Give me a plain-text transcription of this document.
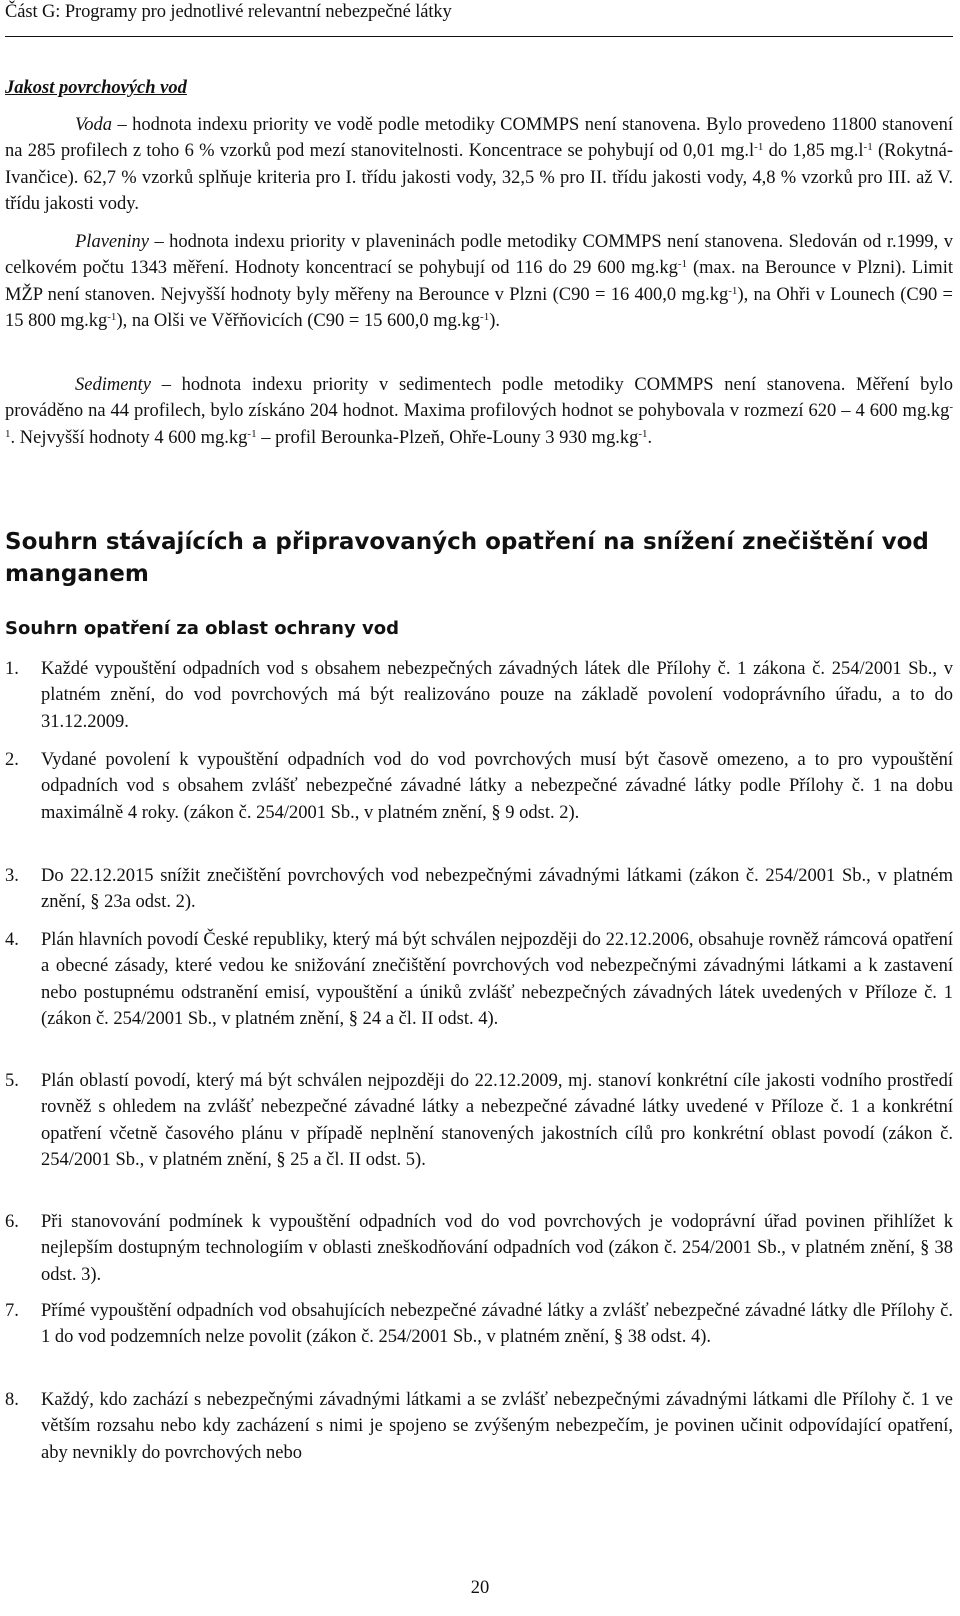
Část G: Programy pro jednotlivé relevantní nebezpečné látky
Jakost povrchových vod

Voda – hodnota indexu priority ve vodě podle metodiky COMMPS není stanovena. Bylo provedeno 11800 stanovení na 285 profilech z toho 6 % vzorků pod mezí stanovitelnosti. Koncentrace se pohybují od 0,01 $mg.l^{-1}$ do 1,85 $mg.l^{-1}$ (Rokytná-Ivančice). 62,7 % vzorků splňuje kriteria pro I. třídu jakosti vody, 32,5 % pro II. třídu jakosti vody, 4,8 % vzorků pro III. až V. třídu jakosti vody.

Plaveniny – hodnota indexu priority v plaveninách podle metodiky COMMPS není stanovena. Sledován od r.1999, v celkovém počtu 1343 měření. Hodnoty koncentrací se pohybují od 116 do 29 600 $mg.kg^{-1}$ (max. na Berounce v Plzni). Limit MŽP není stanoven. Nejvyšší hodnoty byly měřeny na Berounce v Plzni (C90 = 16 400,0 $mg.kg^{-1}$), na Ohři v Lounech (C90 = 15 800 $mg.kg^{-1}$), na Olši ve Věřňovicích (C90 = 15 600,0 $mg.kg^{-1}$).

Sedimenty – hodnota indexu priority v sedimentech podle metodiky COMMPS není stanovena. Měření bylo prováděno na 44 profilech, bylo získáno 204 hodnot. Maxima profilových hodnot se pohybovala v rozmezí 620 – 4 600 $mg.kg^{-1}$. Nejvyšší hodnoty 4 600 $mg.kg^{-1}$ – profil Berounka-Plzeň, Ohře-Louny 3 930 $mg.kg^{-1}$.

Souhrn stávajících a připravovaných opatření na snížení znečištění vod manganem
Souhrn opatření za oblast ochrany vod
1. Každé vypouštění odpadních vod s obsahem nebezpečných závadných látek dle Přílohy č. 1 zákona č. 254/2001 Sb., v platném znění, do vod povrchových má být realizováno pouze na základě povolení vodoprávního úřadu, a to do 31.12.2009.
2. Vydané povolení k vypouštění odpadních vod do vod povrchových musí být časově omezeno, a to pro vypouštění odpadních vod s obsahem zvlášť nebezpečné závadné látky a nebezpečné závadné látky podle Přílohy č. 1 na dobu maximálně 4 roky. (zákon č. 254/2001 Sb., v platném znění, § 9 odst. 2).
3. Do 22.12.2015 snížit znečištění povrchových vod nebezpečnými závadnými látkami (zákon č. 254/2001 Sb., v platném znění, § 23a odst. 2).
4. Plán hlavních povodí České republiky, který má být schválen nejpozději do 22.12.2006, obsahuje rovněž rámcová opatření a obecné zásady, které vedou ke snižování znečištění povrchových vod nebezpečnými závadnými látkami a k zastavení nebo postupnému odstranění emisí, vypouštění a úniků zvlášť nebezpečných závadných látek uvedených v Příloze č. 1 (zákon č. 254/2001 Sb., v platném znění, § 24 a čl. II odst. 4).
5. Plán oblastí povodí, který má být schválen nejpozději do 22.12.2009, mj. stanoví konkrétní cíle jakosti vodního prostředí rovněž s ohledem na zvlášť nebezpečné závadné látky a nebezpečné závadné látky uvedené v Příloze č. 1 a konkrétní opatření včetně časového plánu v případě neplnění stanovených jakostních cílů pro konkrétní oblast povodí (zákon č. 254/2001 Sb., v platném znění, § 25 a čl. II odst. 5).
6. Při stanovování podmínek k vypouštění odpadních vod do vod povrchových je vodoprávní úřad povinen přihlížet k nejlepším dostupným technologiím v oblasti zneškodňování odpadních vod (zákon č. 254/2001 Sb., v platném znění, § 38 odst. 3).
7. Přímé vypouštění odpadních vod obsahujících nebezpečné závadné látky a zvlášť nebezpečné závadné látky dle Přílohy č. 1 do vod podzemních nelze povolit (zákon č. 254/2001 Sb., v platném znění, § 38 odst. 4).
8. Každý, kdo zachází s nebezpečnými závadnými látkami a se zvlášť nebezpečnými závadnými látkami dle Přílohy č. 1 ve větším rozsahu nebo kdy zacházení s nimi je spojeno se zvýšeným nebezpečím, je povinen učinit odpovídající opatření, aby nevnikly do povrchových nebo
20
